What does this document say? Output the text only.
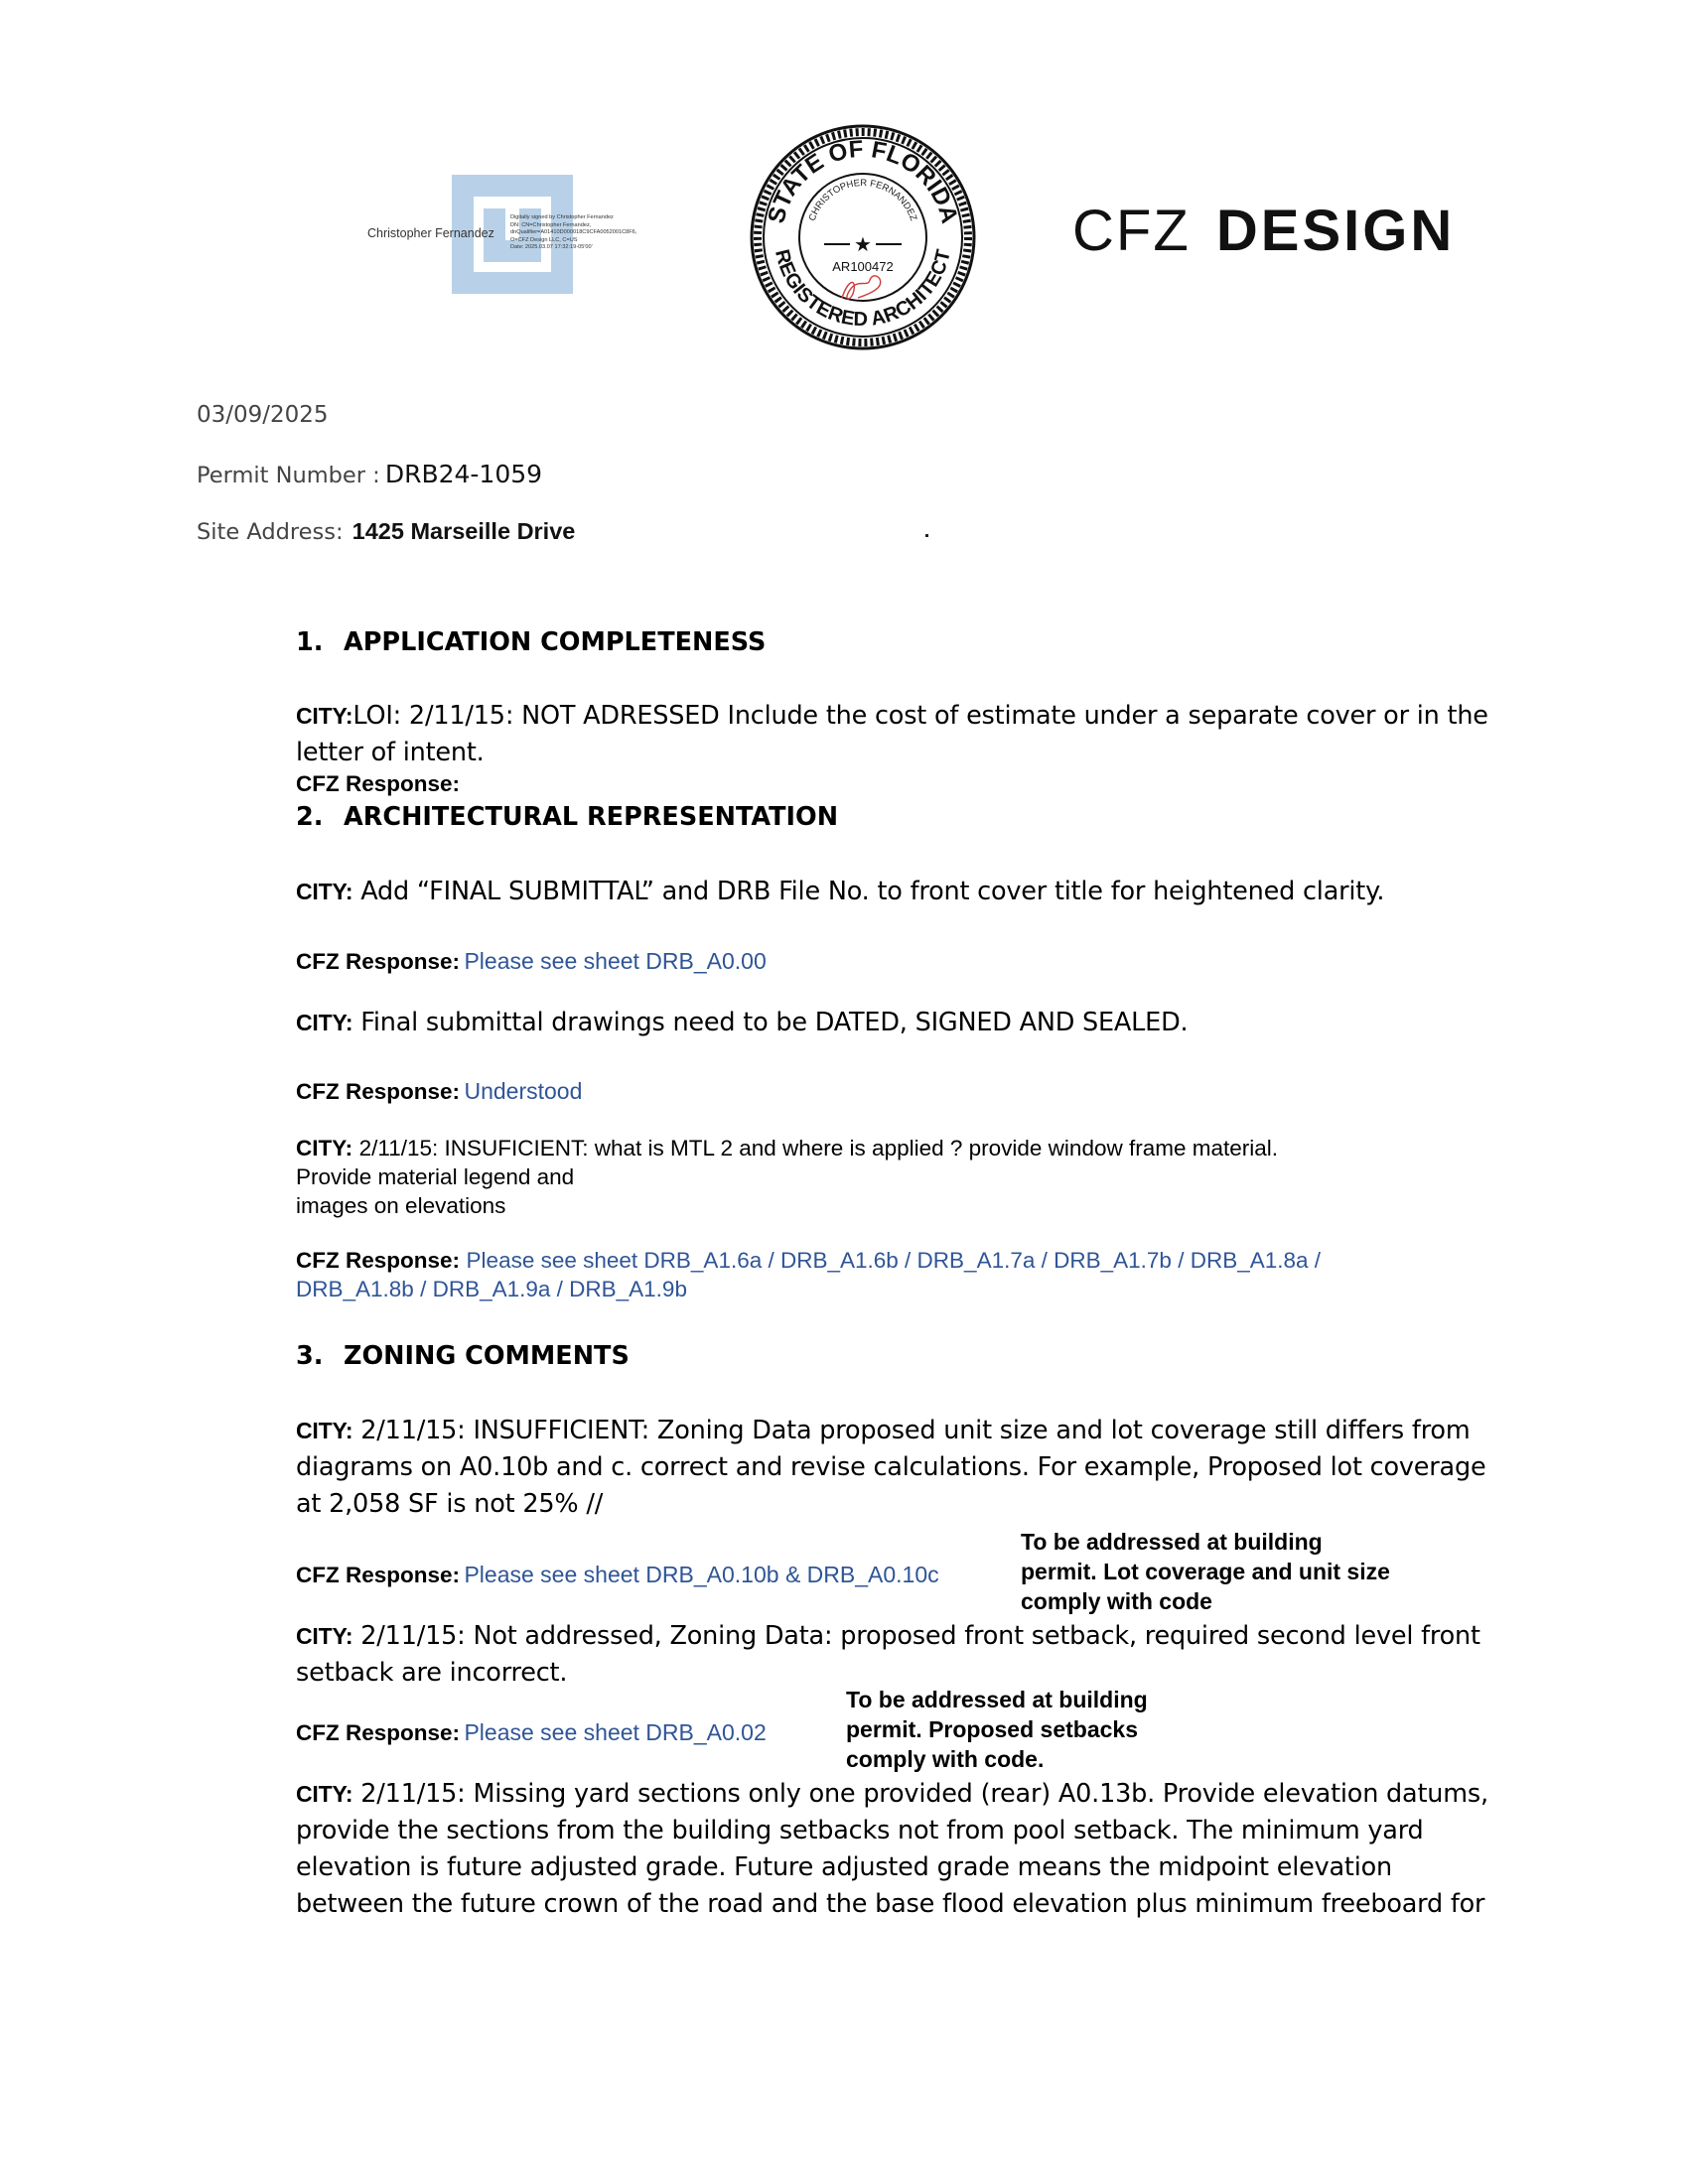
Christopher Fernandez
Digitally signed by Christopher Fernandez
DN: CN=Christopher Fernandez,
dnQualifier=A01410D000018C9CFA0052001C8F6,
O=CFZ Design LLC, C=US
Date: 2025.03.07 17:32:19-05'00'
STATE OF FLORIDA
REGISTERED ARCHITECT
CHRISTOPHER FERNANDEZ
★
AR100472
CFZ DESIGN
03/09/2025
Permit Number : DRB24-1059
Site Address: 1425 Marseille Drive
1. APPLICATION COMPLETENESS
CITY:LOI: 2/11/15: NOT ADRESSED Include the cost of estimate under a separate cover or in the
letter of intent.
CFZ Response:
2. ARCHITECTURAL REPRESENTATION
CITY: Add “FINAL SUBMITTAL” and DRB File No. to front cover title for heightened clarity.
CFZ Response: Please see sheet DRB_A0.00
CITY: Final submittal drawings need to be DATED, SIGNED AND SEALED.
CFZ Response: Understood
CITY: 2/11/15: INSUFICIENT: what is MTL 2 and where is applied ? provide window frame material.
Provide material legend and
images on elevations
CFZ Response: Please see sheet DRB_A1.6a / DRB_A1.6b / DRB_A1.7a / DRB_A1.7b / DRB_A1.8a /
DRB_A1.8b / DRB_A1.9a / DRB_A1.9b
3. ZONING COMMENTS
CITY: 2/11/15: INSUFFICIENT: Zoning Data proposed unit size and lot coverage still differs from
diagrams on A0.10b and c. correct and revise calculations. For example, Proposed lot coverage
at 2,058 SF is not 25% //
CFZ Response: Please see sheet DRB_A0.10b & DRB_A0.10c
To be addressed at building
permit. Lot coverage and unit size
comply with code
CITY: 2/11/15: Not addressed, Zoning Data: proposed front setback, required second level front
setback are incorrect.
CFZ Response: Please see sheet DRB_A0.02
To be addressed at building
permit. Proposed setbacks
comply with code.
CITY: 2/11/15: Missing yard sections only one provided (rear) A0.13b. Provide elevation datums,
provide the sections from the building setbacks not from pool setback. The minimum yard
elevation is future adjusted grade. Future adjusted grade means the midpoint elevation
between the future crown of the road and the base flood elevation plus minimum freeboard for
